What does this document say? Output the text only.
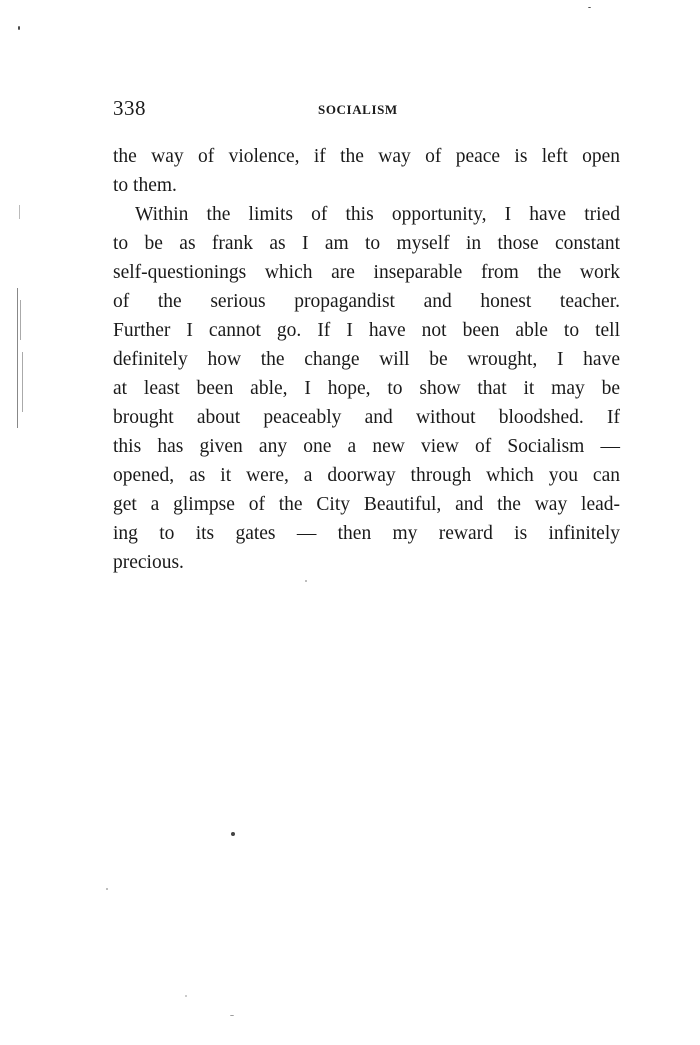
338	SOCIALISM
the way of violence, if the way of peace is left open
to them.
Within the limits of this opportunity, I have tried
to be as frank as I am to myself in those constant
self-questionings which are inseparable from the work
of the serious propagandist and honest teacher.
Further I cannot go. If I have not been able to tell
definitely how the change will be wrought, I have
at least been able, I hope, to show that it may be
brought about peaceably and without bloodshed. If
this has given any one a new view of Socialism —
opened, as it were, a doorway through which you can
get a glimpse of the City Beautiful, and the way lead-
ing to its gates — then my reward is infinitely
precious.
